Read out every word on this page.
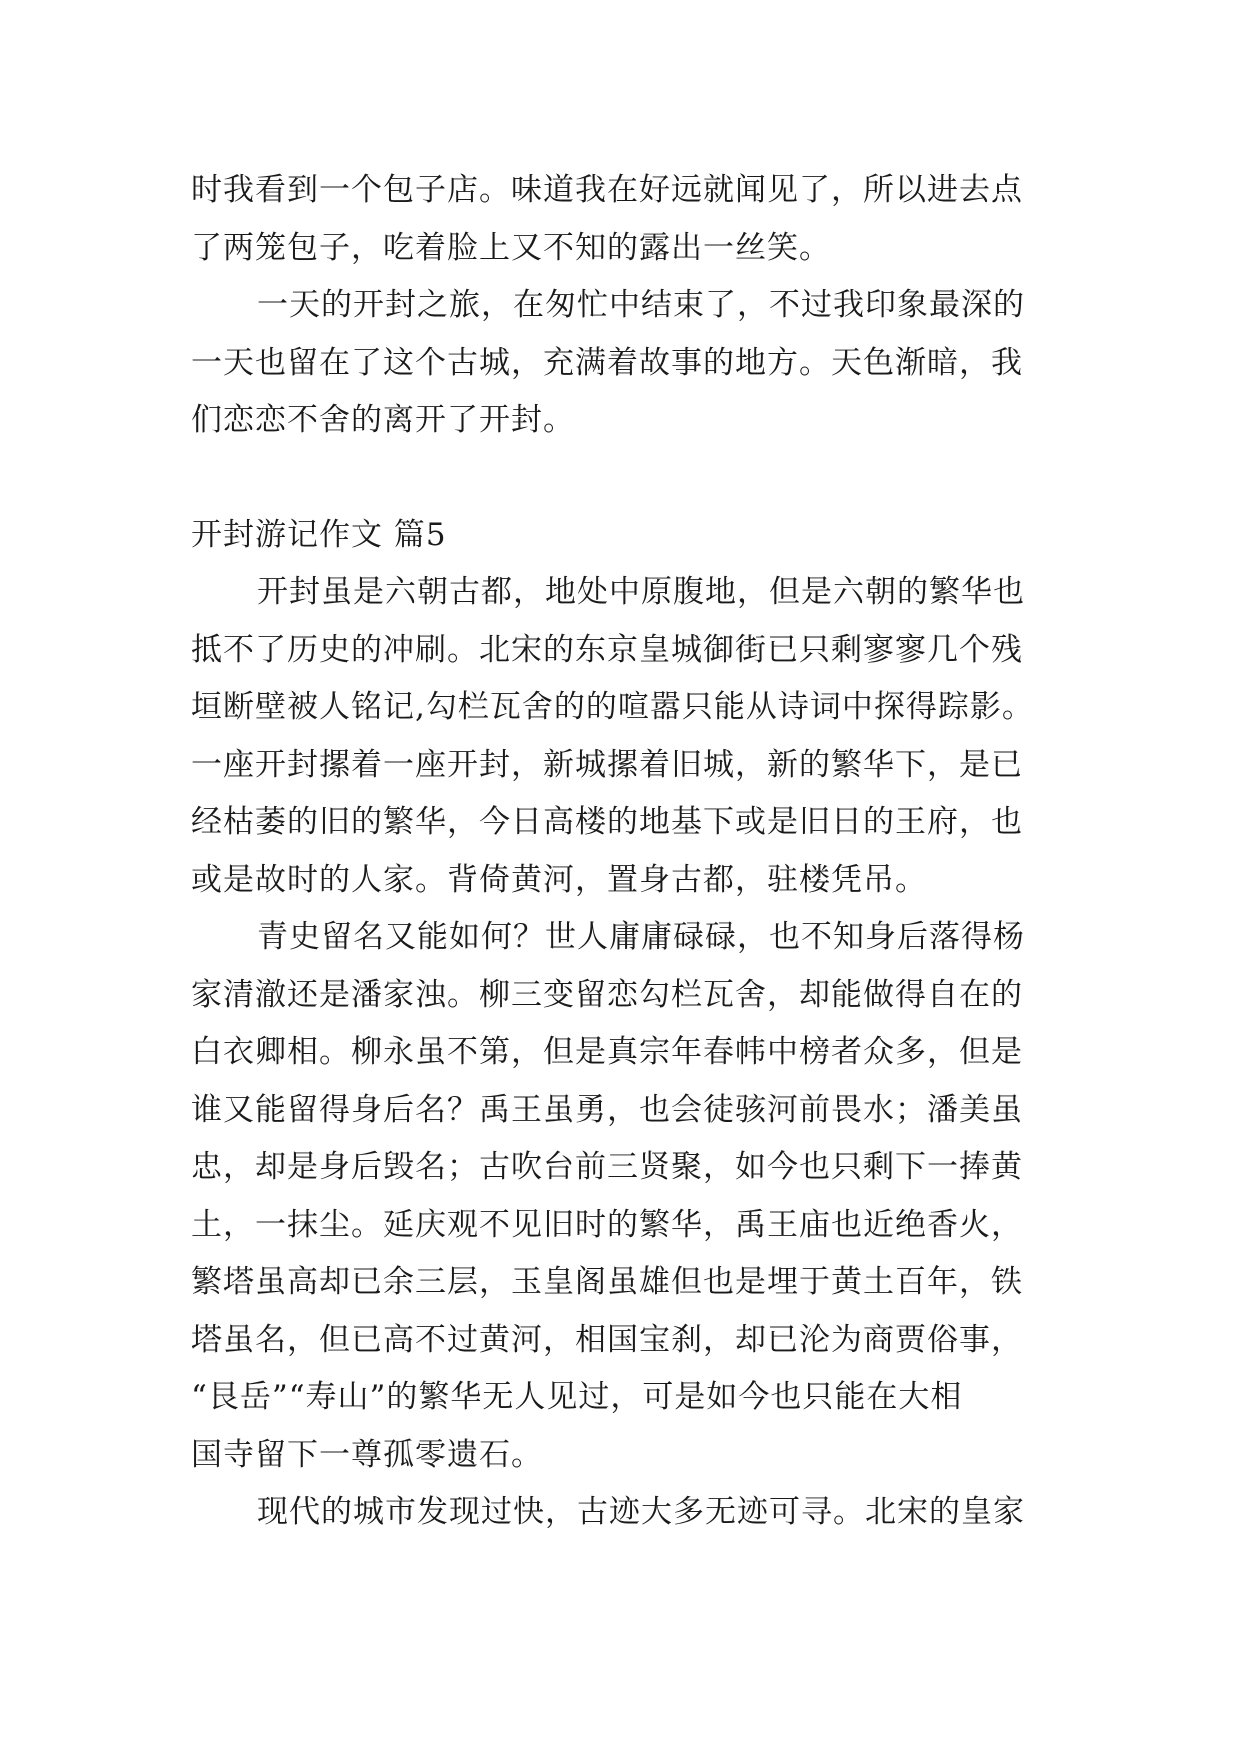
时我看到一个包子店。味道我在好远就闻见了，所以进去点
了两笼包子，吃着脸上又不知的露出一丝笑。

一天的开封之旅，在匆忙中结束了，不过我印象最深的
一天也留在了这个古城，充满着故事的地方。天色渐暗，我
们恋恋不舍的离开了开封。

开封游记作文 篇5

开封虽是六朝古都，地处中原腹地，但是六朝的繁华也
抵不了历史的冲刷。北宋的东京皇城御街已只剩寥寥几个残
垣断壁被人铭记,勾栏瓦舍的的喧嚣只能从诗词中探得踪影。
一座开封摞着一座开封，新城摞着旧城，新的繁华下，是已
经枯萎的旧的繁华，今日高楼的地基下或是旧日的王府，也
或是故时的人家。背倚黄河，置身古都，驻楼凭吊。

青史留名又能如何？世人庸庸碌碌，也不知身后落得杨
家清澈还是潘家浊。柳三变留恋勾栏瓦舍，却能做得自在的
白衣卿相。柳永虽不第，但是真宗年春帏中榜者众多，但是
谁又能留得身后名？禹王虽勇，也会徒骇河前畏水；潘美虽
忠，却是身后毁名；古吹台前三贤聚，如今也只剩下一捧黄
土，一抹尘。延庆观不见旧时的繁华，禹王庙也近绝香火，
繁塔虽高却已余三层，玉皇阁虽雄但也是埋于黄土百年，铁
塔虽名，但已高不过黄河，相国宝刹，却已沦为商贾俗事，
“艮岳”“寿山”的繁华无人见过，可是如今也只能在大相
国寺留下一尊孤零遗石。

现代的城市发现过快，古迹大多无迹可寻。北宋的皇家
